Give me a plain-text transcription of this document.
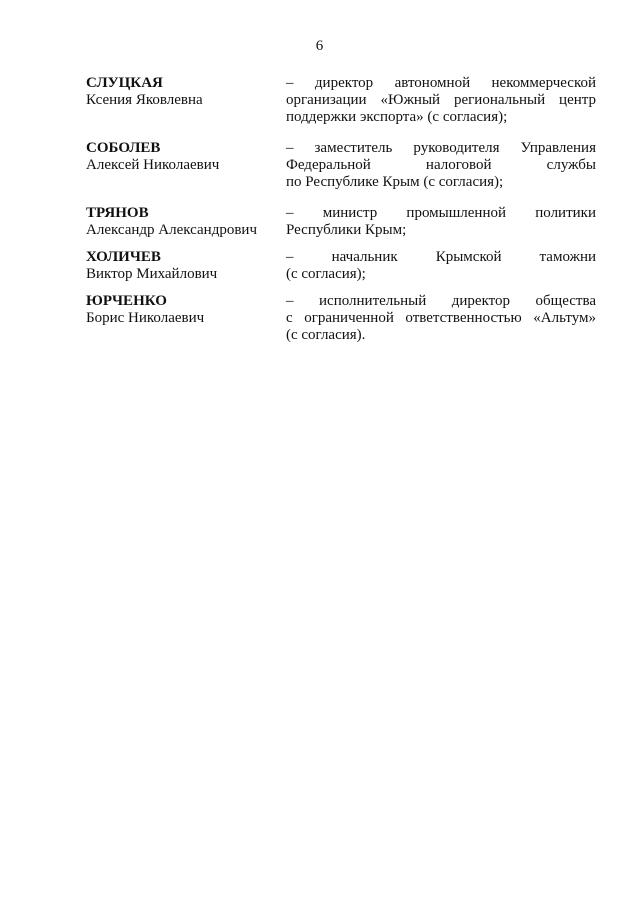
6
СЛУЦКАЯ
Ксения Яковлевна
– директор автономной некоммерческой
организации «Южный региональный центр
поддержки экспорта» (с согласия);
СОБОЛЕВ
Алексей Николаевич
– заместитель руководителя Управления
Федеральной налоговой службы
по Республике Крым (с согласия);
ТРЯНОВ
Александр Александрович
– министр промышленной политики
Республики Крым;
ХОЛИЧЕВ
Виктор Михайлович
– начальник Крымской таможни
(с согласия);
ЮРЧЕНКО
Борис Николаевич
– исполнительный директор общества
с ограниченной ответственностью «Альтум»
(с согласия).
